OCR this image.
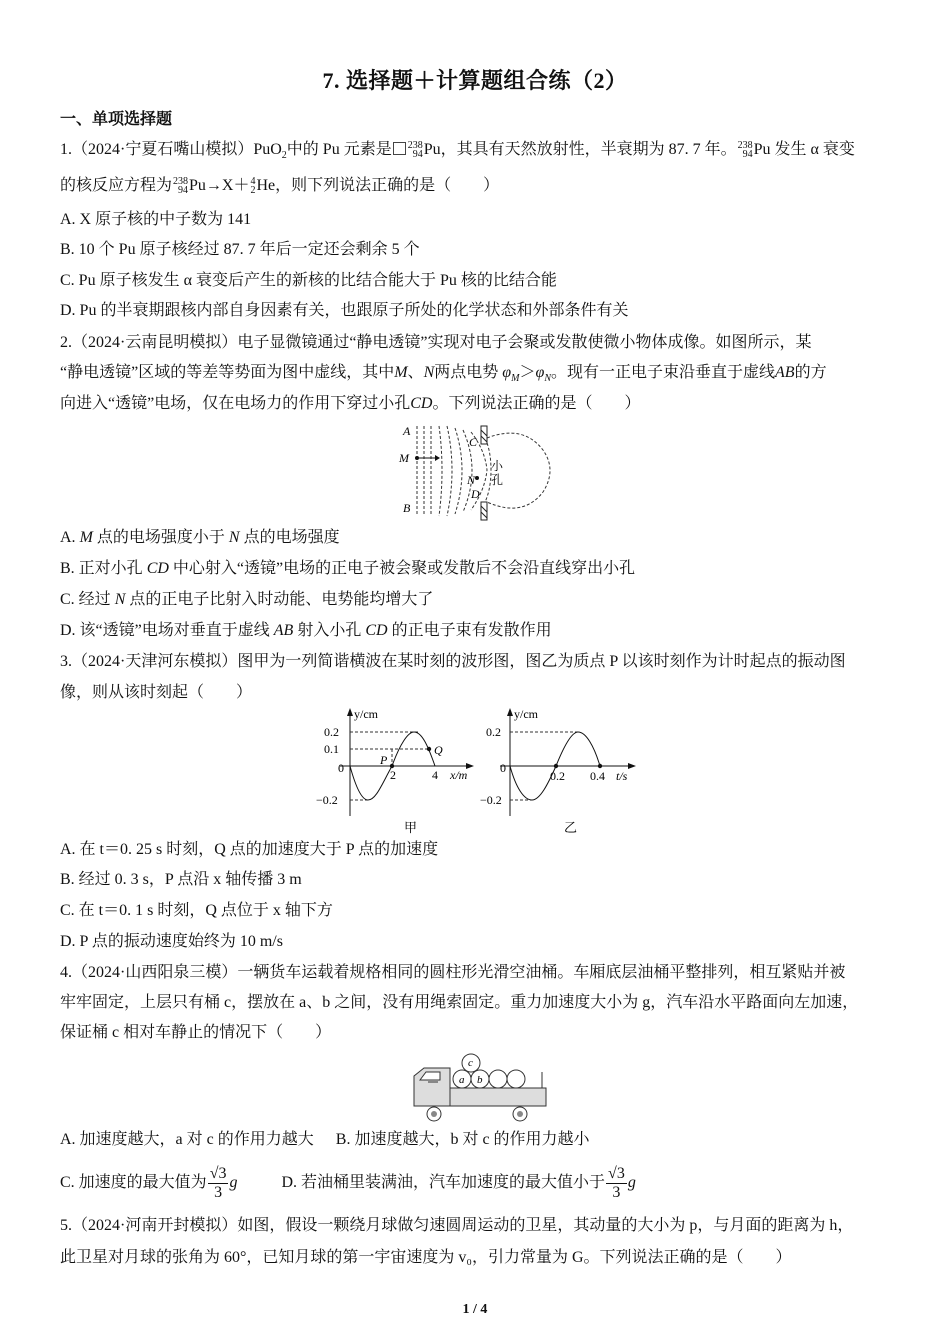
7. 选择题＋计算题组合练（2）
一、单项选择题
1.（2024·宁夏石嘴山模拟）PuO$_2$中的 Pu 元素是 238
94 Pu，其具有天然放射性，半衰期为 87. 7 年。 238
94 Pu 发生 α 衰变
的核反应方程为 238
94 Pu→X＋ 4
2 He，则下列说法正确的是（　　）
A. X 原子核的中子数为 141
B. 10 个 Pu 原子核经过 87. 7 年后一定还会剩余 5 个
C. Pu 原子核发生 α 衰变后产生的新核的比结合能大于 Pu 核的比结合能
D. Pu 的半衰期跟核内部自身因素有关，也跟原子所处的化学状态和外部条件有关
2.（2024·云南昆明模拟）电子显微镜通过“静电透镜”实现对电子会聚或发散使微小物体成像。如图所示，某
“静电透镜”区域的等差等势面为图中虚线，其中M、N两点电势 $\varphi_M>\varphi_N$。现有一正电子束沿垂直于虚线AB的方
向进入“透镜”电场，仅在电场力的作用下穿过小孔CD。下列说法正确的是（　　）
A
M
B
C
N
D
小
孔
A. M 点的电场强度小于 N 点的电场强度
B. 正对小孔 CD 中心射入“透镜”电场的正电子被会聚或发散后不会沿直线穿出小孔
C. 经过 N 点的正电子比射入时动能、电势能均增大了
D. 该“透镜”电场对垂直于虚线 AB 射入小孔 CD 的正电子束有发散作用
3.（2024·天津河东模拟）图甲为一列简谐横波在某时刻的波形图，图乙为质点 P 以该时刻作为计时起点的振动图
像，则从该时刻起（　　）
y/cm
0.2
0.1
0
−0.2
2	4 x/m
P
Q
甲
y/cm
0.2
0
−0.2
0.2 0.4 t/s
乙
A. 在 t＝0. 25 s 时刻，Q 点的加速度大于 P 点的加速度
B. 经过 0. 3 s，P 点沿 x 轴传播 3 m
C. 在 t＝0. 1 s 时刻，Q 点位于 x 轴下方
D. P 点的振动速度始终为 10 m/s
4.（2024·山西阳泉三模）一辆货车运载着规格相同的圆柱形光滑空油桶。车厢底层油桶平整排列，相互紧贴并被
牢牢固定，上层只有桶 c，摆放在 a、b 之间，没有用绳索固定。重力加速度大小为 g，汽车沿水平路面向左加速，
保证桶 c 相对车静止的情况下（　　）
a b
c
A. 加速度越大，a 对 c 的作用力越大 B. 加速度越大，b 对 c 的作用力越小
C. 加速度的最大值为 $\frac{√3}{3}$ g	D. 若油桶里装满油，汽车加速度的最大值小于 $\frac{√3}{3}$ g
5.（2024·河南开封模拟）如图，假设一颗绕月球做匀速圆周运动的卫星，其动量的大小为 p，与月面的距离为 h，
此卫星对月球的张角为 60°，已知月球的第一宇宙速度为 v₀，引力常量为 G。下列说法正确的是（　　）
1 / 4
